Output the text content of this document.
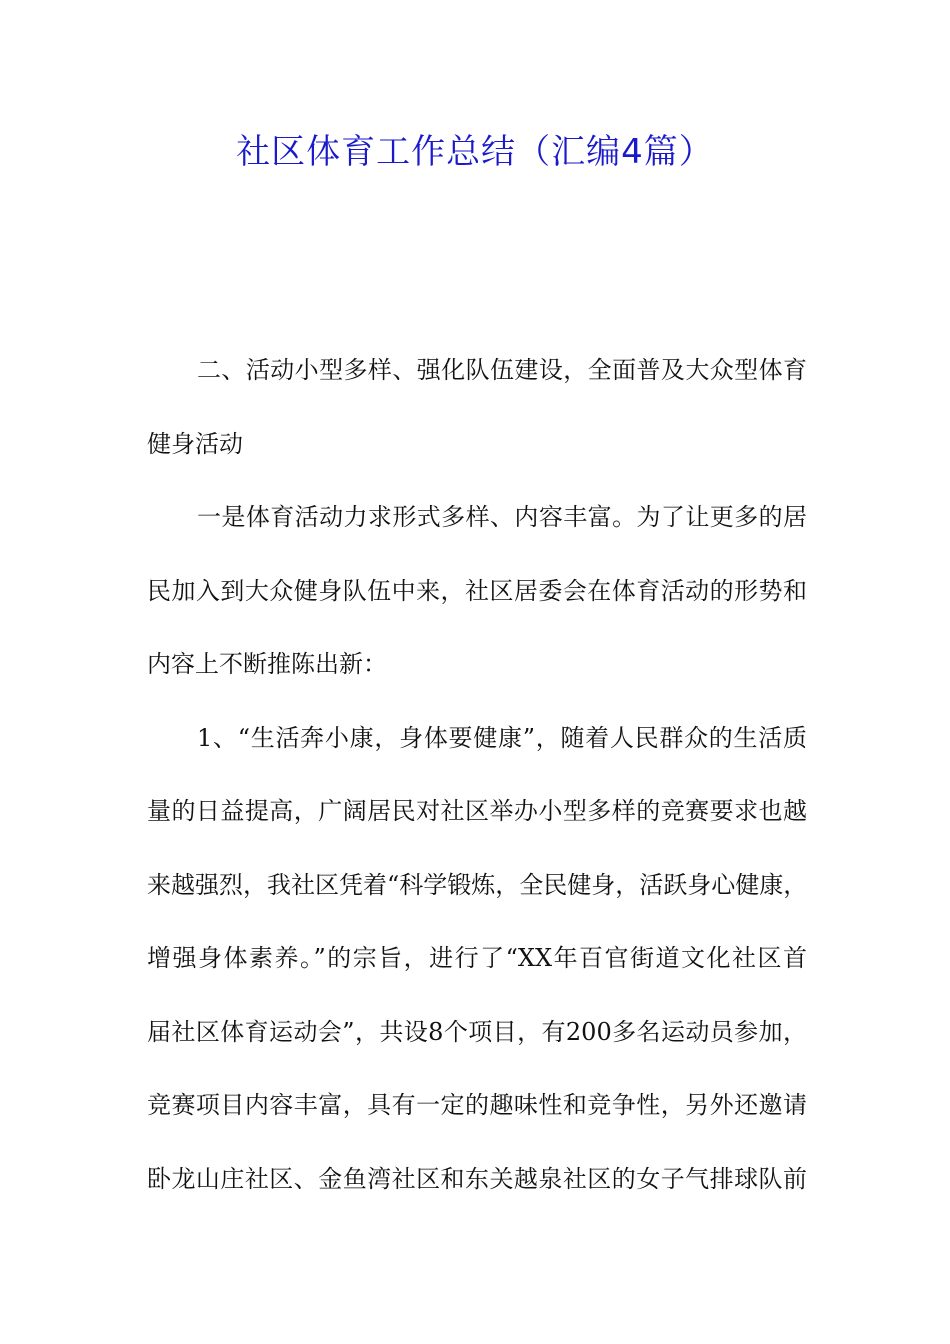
社区体育工作总结（汇编4篇）
二、活动小型多样、强化队伍建设，全面普及大众型体育
健身活动
一是体育活动力求形式多样、内容丰富。为了让更多的居
民加入到大众健身队伍中来，社区居委会在体育活动的形势和
内容上不断推陈出新：
1、“生活奔小康，身体要健康”，随着人民群众的生活质
量的日益提高，广阔居民对社区举办小型多样的竞赛要求也越
来越强烈，我社区凭着“科学锻炼，全民健身，活跃身心健康，
增强身体素养。”的宗旨，进行了“XX年百官街道文化社区首
届社区体育运动会”，共设8个项目，有200多名运动员参加，
竞赛项目内容丰富，具有一定的趣味性和竞争性，另外还邀请
卧龙山庄社区、金鱼湾社区和东关越泉社区的女子气排球队前
